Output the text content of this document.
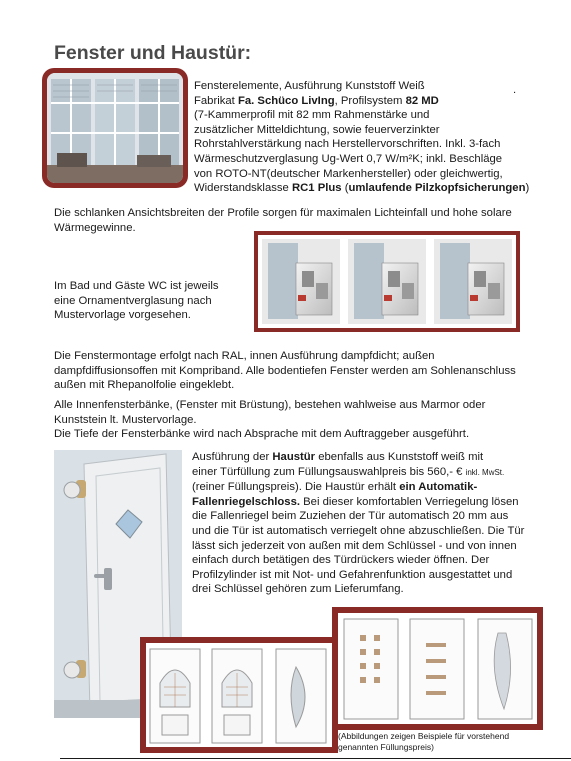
Fenster und Haustür:
.
Fensterelemente, Ausführung Kunststoff Weiß
Fabrikat Fa. Schüco LivIng, Profilsystem 82 MD
(7-Kammerprofil mit 82 mm Rahmenstärke und
zusätzlicher Mitteldichtung, sowie feuerverzinkter
Rohrstahlverstärkung nach Herstellervorschriften. Inkl. 3-fach
Wärmeschutzverglasung Ug-Wert 0,7 W/m²K; inkl. Beschläge
von ROTO-NT(deutscher Markenhersteller) oder gleichwertig,
Widerstandsklasse RC1 Plus (umlaufende Pilzkopfsicherungen)
Die schlanken Ansichtsbreiten der Profile sorgen für maximalen Lichteinfall und hohe solare
Wärmegewinne.
Im Bad und Gäste WC ist jeweils
eine Ornamentverglasung nach
Mustervorlage vorgesehen.
Die Fenstermontage erfolgt nach RAL, innen Ausführung dampfdicht; außen
dampfdiffusionsoffen mit Kompriband. Alle bodentiefen Fenster werden am Sohlenanschluss
außen mit Rhepanolfolie eingeklebt.
Alle Innenfensterbänke, (Fenster mit Brüstung), bestehen wahlweise aus Marmor oder
Kunststein lt. Mustervorlage.
Die Tiefe der Fensterbänke wird nach Absprache mit dem Auftraggeber ausgeführt.
Ausführung der Haustür ebenfalls aus Kunststoff weiß mit
einer Türfüllung zum Füllungsauswahlpreis bis 560,- € inkl. MwSt.
(reiner Füllungspreis). Die Haustür erhält ein Automatik-
Fallenriegelschloss. Bei dieser komfortablen Verriegelung lösen
die Fallenriegel beim Zuziehen der Tür automatisch 20 mm aus
und die Tür ist automatisch verriegelt ohne abzuschließen. Die Tür
lässt sich jederzeit von außen mit dem Schlüssel - und von innen
einfach durch betätigen des Türdrückers wieder öffnen. Der
Profilzylinder ist mit Not- und Gefahrenfunktion ausgestattet und
drei Schlüssel gehören zum Lieferumfang.
(Abbildungen zeigen Beispiele für vorstehend
genannten Füllungspreis)
